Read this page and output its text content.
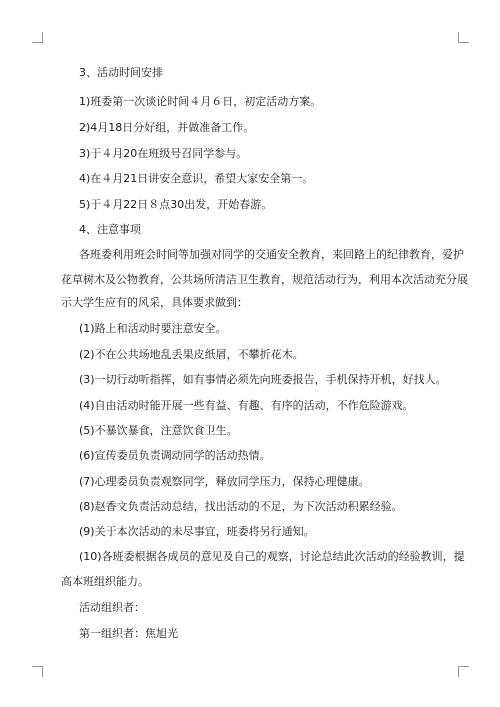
3、活动时间安排
1)班委第一次谈论时间４月６日，初定活动方案。
2)4月18日分好组，并做准备工作。
3)于４月20在班级号召同学参与。
4)在４月21日讲安全意识，希望大家安全第一。
5)于４月22日８点30出发，开始春游。
4、注意事项
各班委利用班会时间等加强对同学的交通安全教育，来回路上的纪律教育，爱护
花草树木及公物教育，公共场所清洁卫生教育，规范活动行为，利用本次活动充分展
示大学生应有的风采，具体要求做到：
(1)路上和活动时要注意安全。
(2)不在公共场地乱丢果皮纸屑，不攀折花木。
(3)一切行动听指挥，如有事情必须先向班委报告，手机保持开机，好找人。
(4)自由活动时能开展一些有益、有趣、有序的活动，不作危险游戏。
(5)不暴饮暴食，注意饮食卫生。
(6)宣传委员负责调动同学的活动热情。
(7)心理委员负责观察同学，释放同学压力，保持心理健康。
(8)赵香文负责活动总结，找出活动的不足，为下次活动积累经验。
(9)关于本次活动的未尽事宜，班委将另行通知。
(10)各班委根据各成员的意见及自己的观察，讨论总结此次活动的经验教训，提
高本班组织能力。
活动组织者：
第一组织者：焦旭光
